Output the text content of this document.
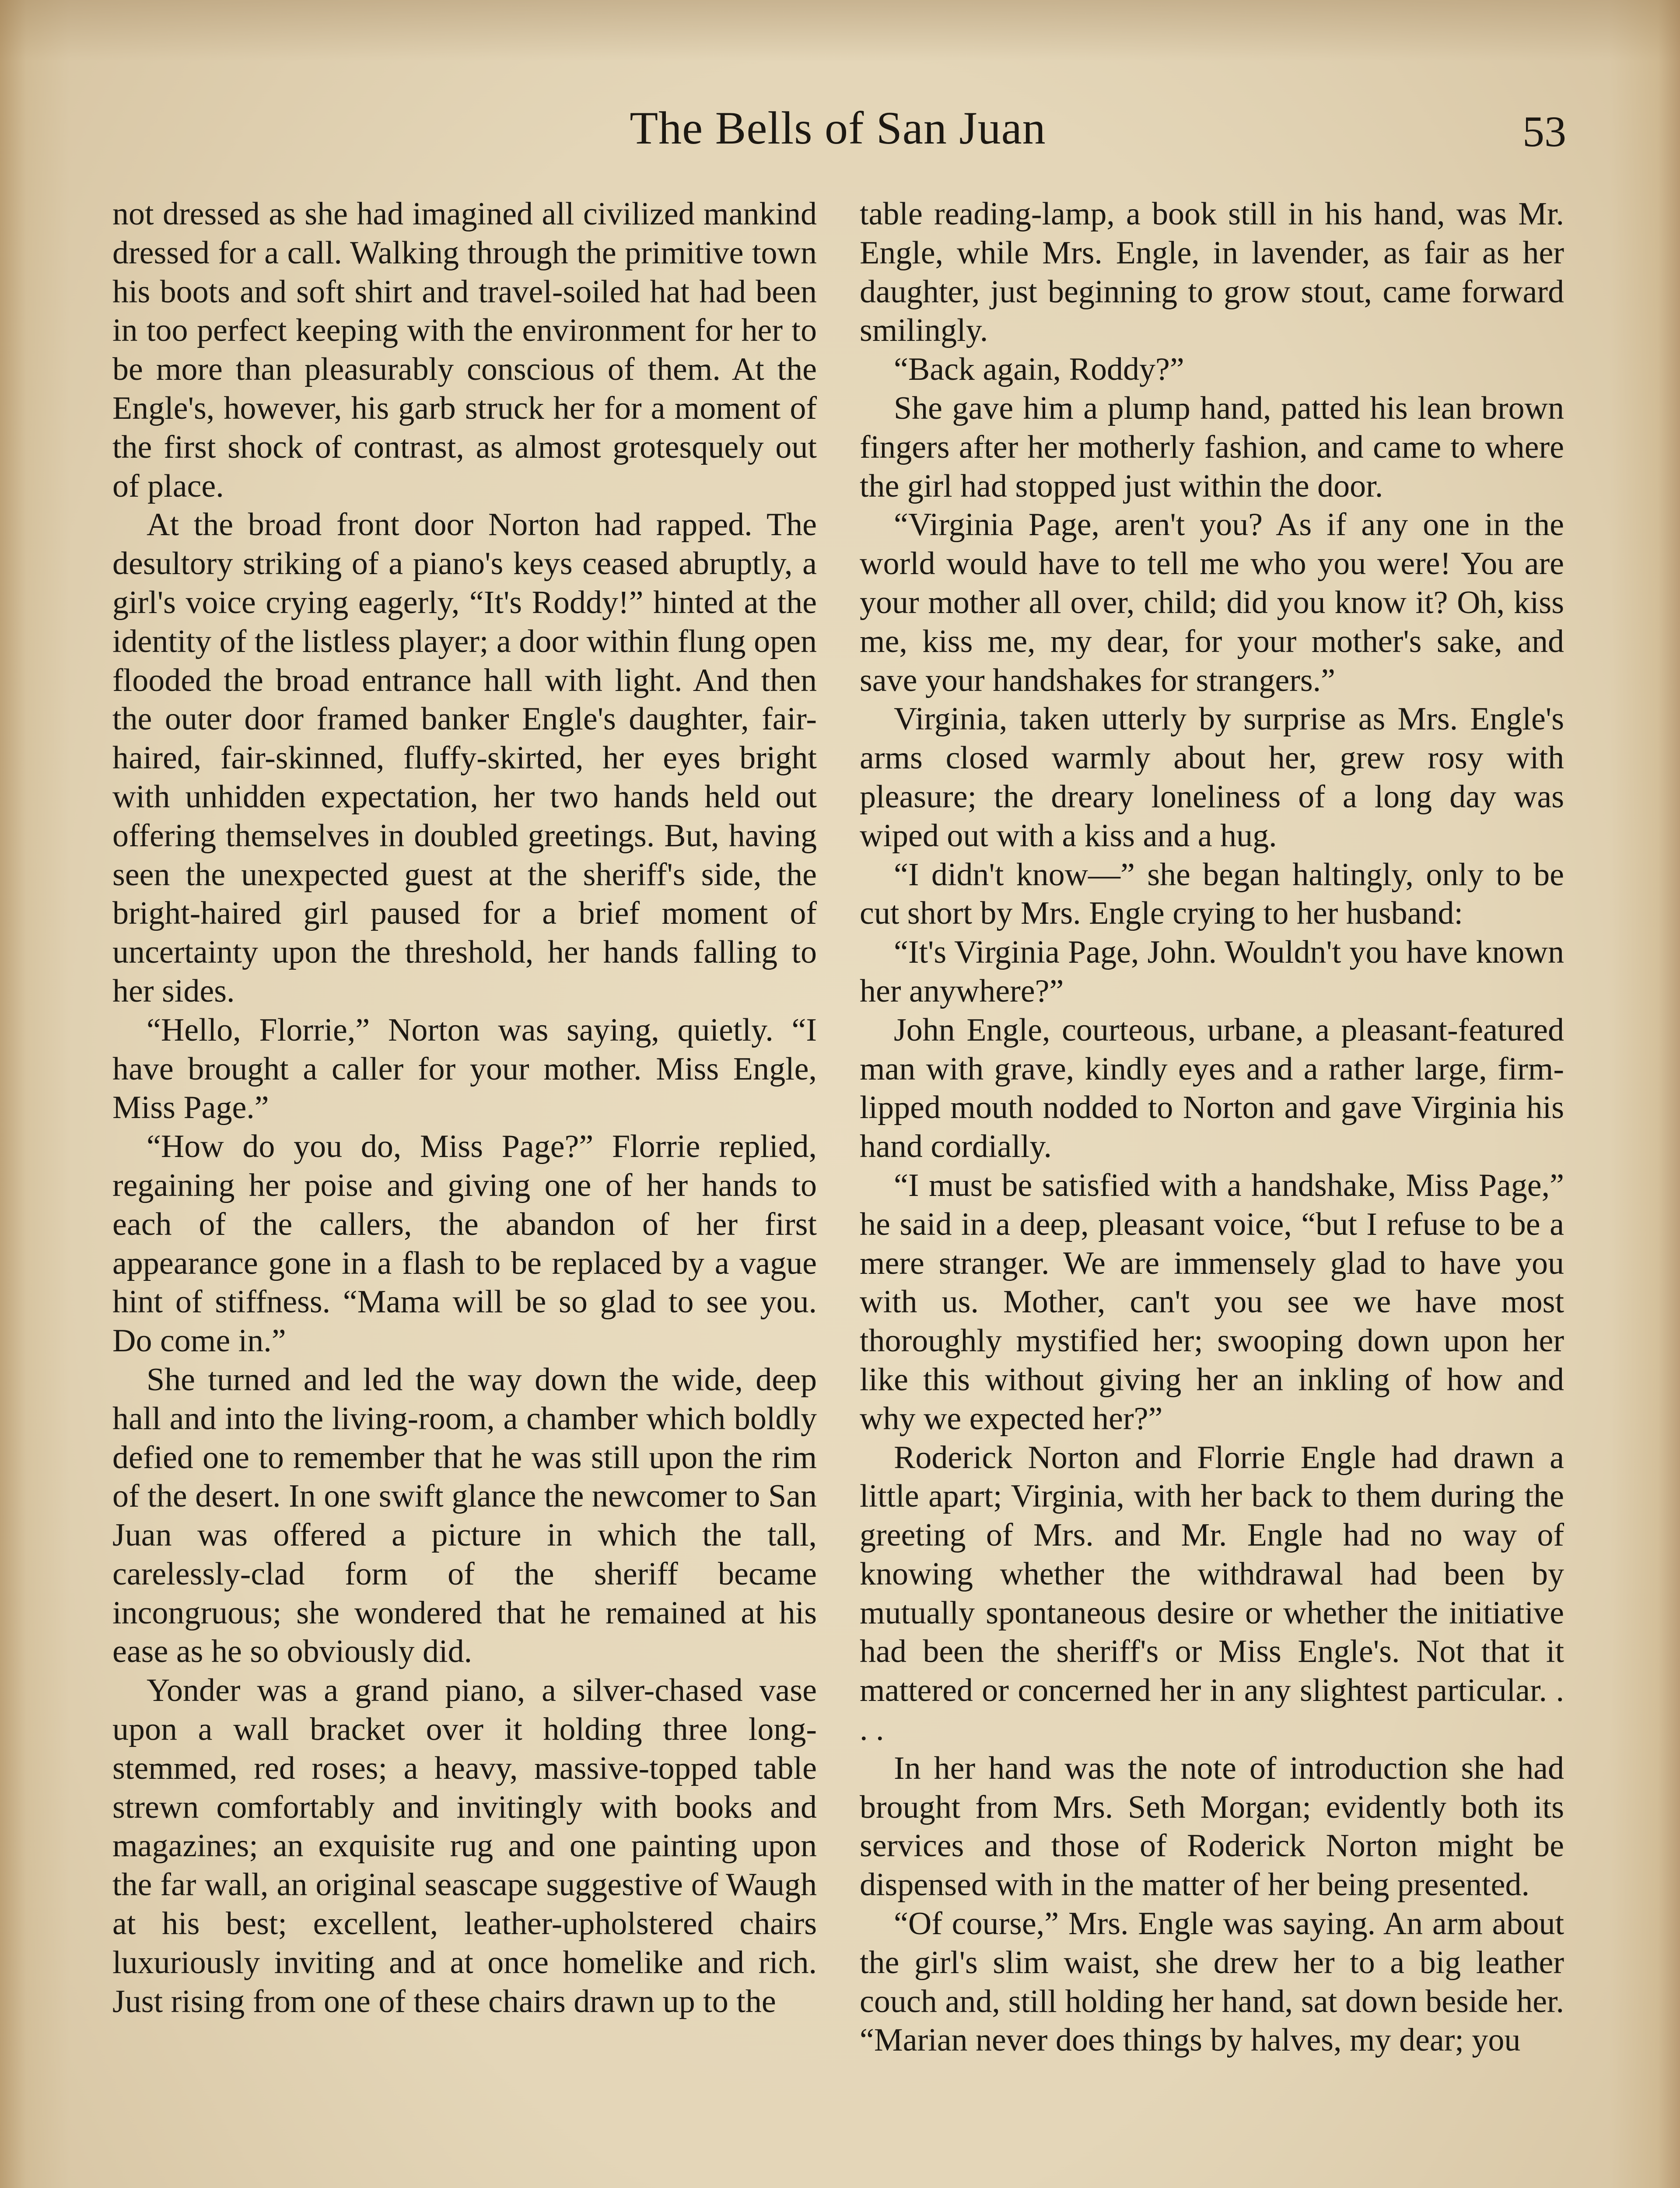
The Bells of San Juan	53

not dressed as she had imagined all civilized mankind dressed for a call. Walking through the primitive town his boots and soft shirt and travel-soiled hat had been in too perfect keeping with the environment for her to be more than pleasurably conscious of them. At the Engle's, however, his garb struck her for a moment of the first shock of contrast, as almost grotesquely out of place.

At the broad front door Norton had rapped. The desultory striking of a piano's keys ceased abruptly, a girl's voice crying eagerly, “It's Roddy!” hinted at the identity of the listless player; a door within flung open flooded the broad entrance hall with light. And then the outer door framed banker Engle's daughter, fair-haired, fair-skinned, fluffy-skirted, her eyes bright with unhidden expectation, her two hands held out offering themselves in doubled greetings. But, having seen the unexpected guest at the sheriff's side, the bright-haired girl paused for a brief moment of uncertainty upon the threshold, her hands falling to her sides.

“Hello, Florrie,” Norton was saying, quietly. “I have brought a caller for your mother. Miss Engle, Miss Page.”

“How do you do, Miss Page?” Florrie replied, regaining her poise and giving one of her hands to each of the callers, the abandon of her first appearance gone in a flash to be replaced by a vague hint of stiffness. “Mama will be so glad to see you. Do come in.”

She turned and led the way down the wide, deep hall and into the living-room, a chamber which boldly defied one to remember that he was still upon the rim of the desert. In one swift glance the newcomer to San Juan was offered a picture in which the tall, carelessly-clad form of the sheriff became incongruous; she wondered that he remained at his ease as he so obviously did.

Yonder was a grand piano, a silver-chased vase upon a wall bracket over it holding three long-stemmed, red roses; a heavy, massive-topped table strewn comfortably and invitingly with books and magazines; an exquisite rug and one painting upon the far wall, an original seascape suggestive of Waugh at his best; excellent, leather-upholstered chairs luxuriously inviting and at once homelike and rich. Just rising from one of these chairs drawn up to the

table reading-lamp, a book still in his hand, was Mr. Engle, while Mrs. Engle, in lavender, as fair as her daughter, just beginning to grow stout, came forward smilingly.

“Back again, Roddy?”

She gave him a plump hand, patted his lean brown fingers after her motherly fashion, and came to where the girl had stopped just within the door.

“Virginia Page, aren't you? As if any one in the world would have to tell me who you were! You are your mother all over, child; did you know it? Oh, kiss me, kiss me, my dear, for your mother's sake, and save your handshakes for strangers.”

Virginia, taken utterly by surprise as Mrs. Engle's arms closed warmly about her, grew rosy with pleasure; the dreary loneliness of a long day was wiped out with a kiss and a hug.

“I didn't know—” she began haltingly, only to be cut short by Mrs. Engle crying to her husband:

“It's Virginia Page, John. Wouldn't you have known her anywhere?”

John Engle, courteous, urbane, a pleasant-featured man with grave, kindly eyes and a rather large, firm-lipped mouth nodded to Norton and gave Virginia his hand cordially.

“I must be satisfied with a handshake, Miss Page,” he said in a deep, pleasant voice, “but I refuse to be a mere stranger. We are immensely glad to have you with us. Mother, can't you see we have most thoroughly mystified her; swooping down upon her like this without giving her an inkling of how and why we expected her?”

Roderick Norton and Florrie Engle had drawn a little apart; Virginia, with her back to them during the greeting of Mrs. and Mr. Engle had no way of knowing whether the withdrawal had been by mutually spontaneous desire or whether the initiative had been the sheriff's or Miss Engle's. Not that it mattered or concerned her in any slightest particular. . . .

In her hand was the note of introduction she had brought from Mrs. Seth Morgan; evidently both its services and those of Roderick Norton might be dispensed with in the matter of her being presented.

“Of course,” Mrs. Engle was saying. An arm about the girl's slim waist, she drew her to a big leather couch and, still holding her hand, sat down beside her. “Marian never does things by halves, my dear; you
